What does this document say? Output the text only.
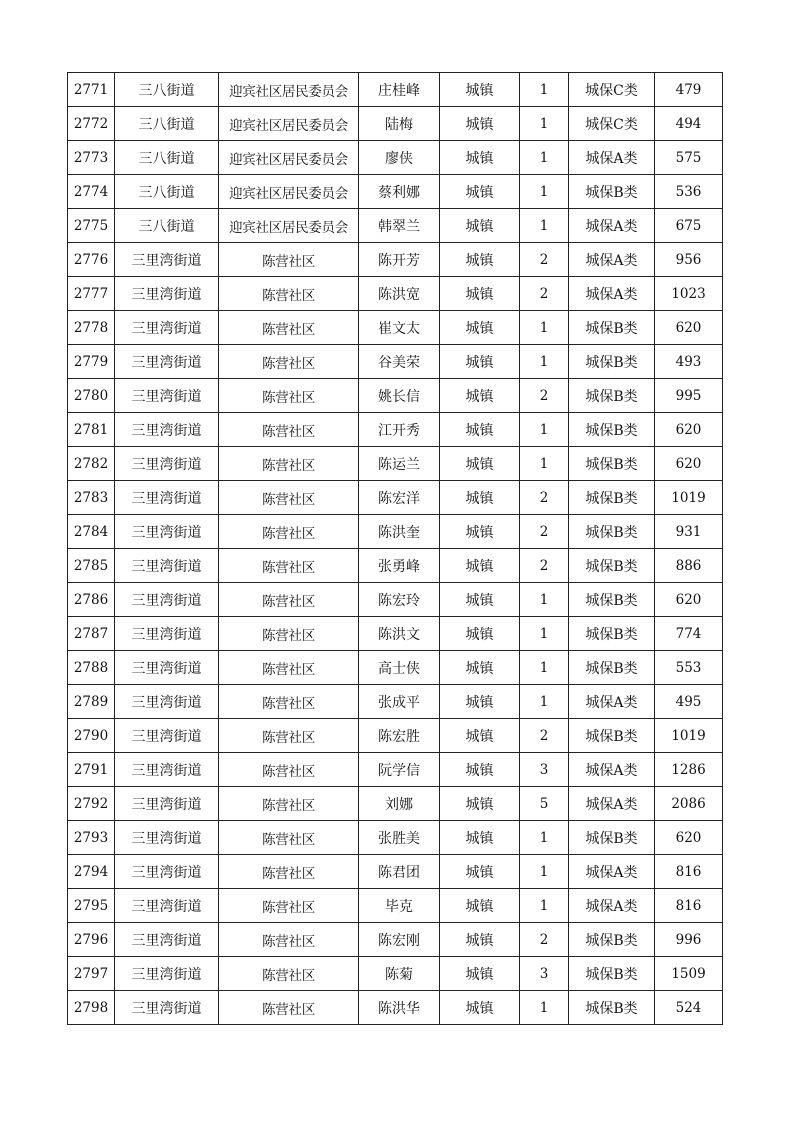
2771	三八街道	迎宾社区居民委员会	庄桂峰	城镇	1	城保C类	479
2772	三八街道	迎宾社区居民委员会	陆梅	城镇	1	城保C类	494
2773	三八街道	迎宾社区居民委员会	廖侠	城镇	1	城保A类	575
2774	三八街道	迎宾社区居民委员会	蔡利娜	城镇	1	城保B类	536
2775	三八街道	迎宾社区居民委员会	韩翠兰	城镇	1	城保A类	675
2776	三里湾街道	陈营社区	陈开芳	城镇	2	城保A类	956
2777	三里湾街道	陈营社区	陈洪宽	城镇	2	城保A类	1023
2778	三里湾街道	陈营社区	崔文太	城镇	1	城保B类	620
2779	三里湾街道	陈营社区	谷美荣	城镇	1	城保B类	493
2780	三里湾街道	陈营社区	姚长信	城镇	2	城保B类	995
2781	三里湾街道	陈营社区	江开秀	城镇	1	城保B类	620
2782	三里湾街道	陈营社区	陈运兰	城镇	1	城保B类	620
2783	三里湾街道	陈营社区	陈宏洋	城镇	2	城保B类	1019
2784	三里湾街道	陈营社区	陈洪奎	城镇	2	城保B类	931
2785	三里湾街道	陈营社区	张勇峰	城镇	2	城保B类	886
2786	三里湾街道	陈营社区	陈宏玲	城镇	1	城保B类	620
2787	三里湾街道	陈营社区	陈洪文	城镇	1	城保B类	774
2788	三里湾街道	陈营社区	高士侠	城镇	1	城保B类	553
2789	三里湾街道	陈营社区	张成平	城镇	1	城保A类	495
2790	三里湾街道	陈营社区	陈宏胜	城镇	2	城保B类	1019
2791	三里湾街道	陈营社区	阮学信	城镇	3	城保A类	1286
2792	三里湾街道	陈营社区	刘娜	城镇	5	城保A类	2086
2793	三里湾街道	陈营社区	张胜美	城镇	1	城保B类	620
2794	三里湾街道	陈营社区	陈君团	城镇	1	城保A类	816
2795	三里湾街道	陈营社区	毕克	城镇	1	城保A类	816
2796	三里湾街道	陈营社区	陈宏刚	城镇	2	城保B类	996
2797	三里湾街道	陈营社区	陈菊	城镇	3	城保B类	1509
2798	三里湾街道	陈营社区	陈洪华	城镇	1	城保B类	524
